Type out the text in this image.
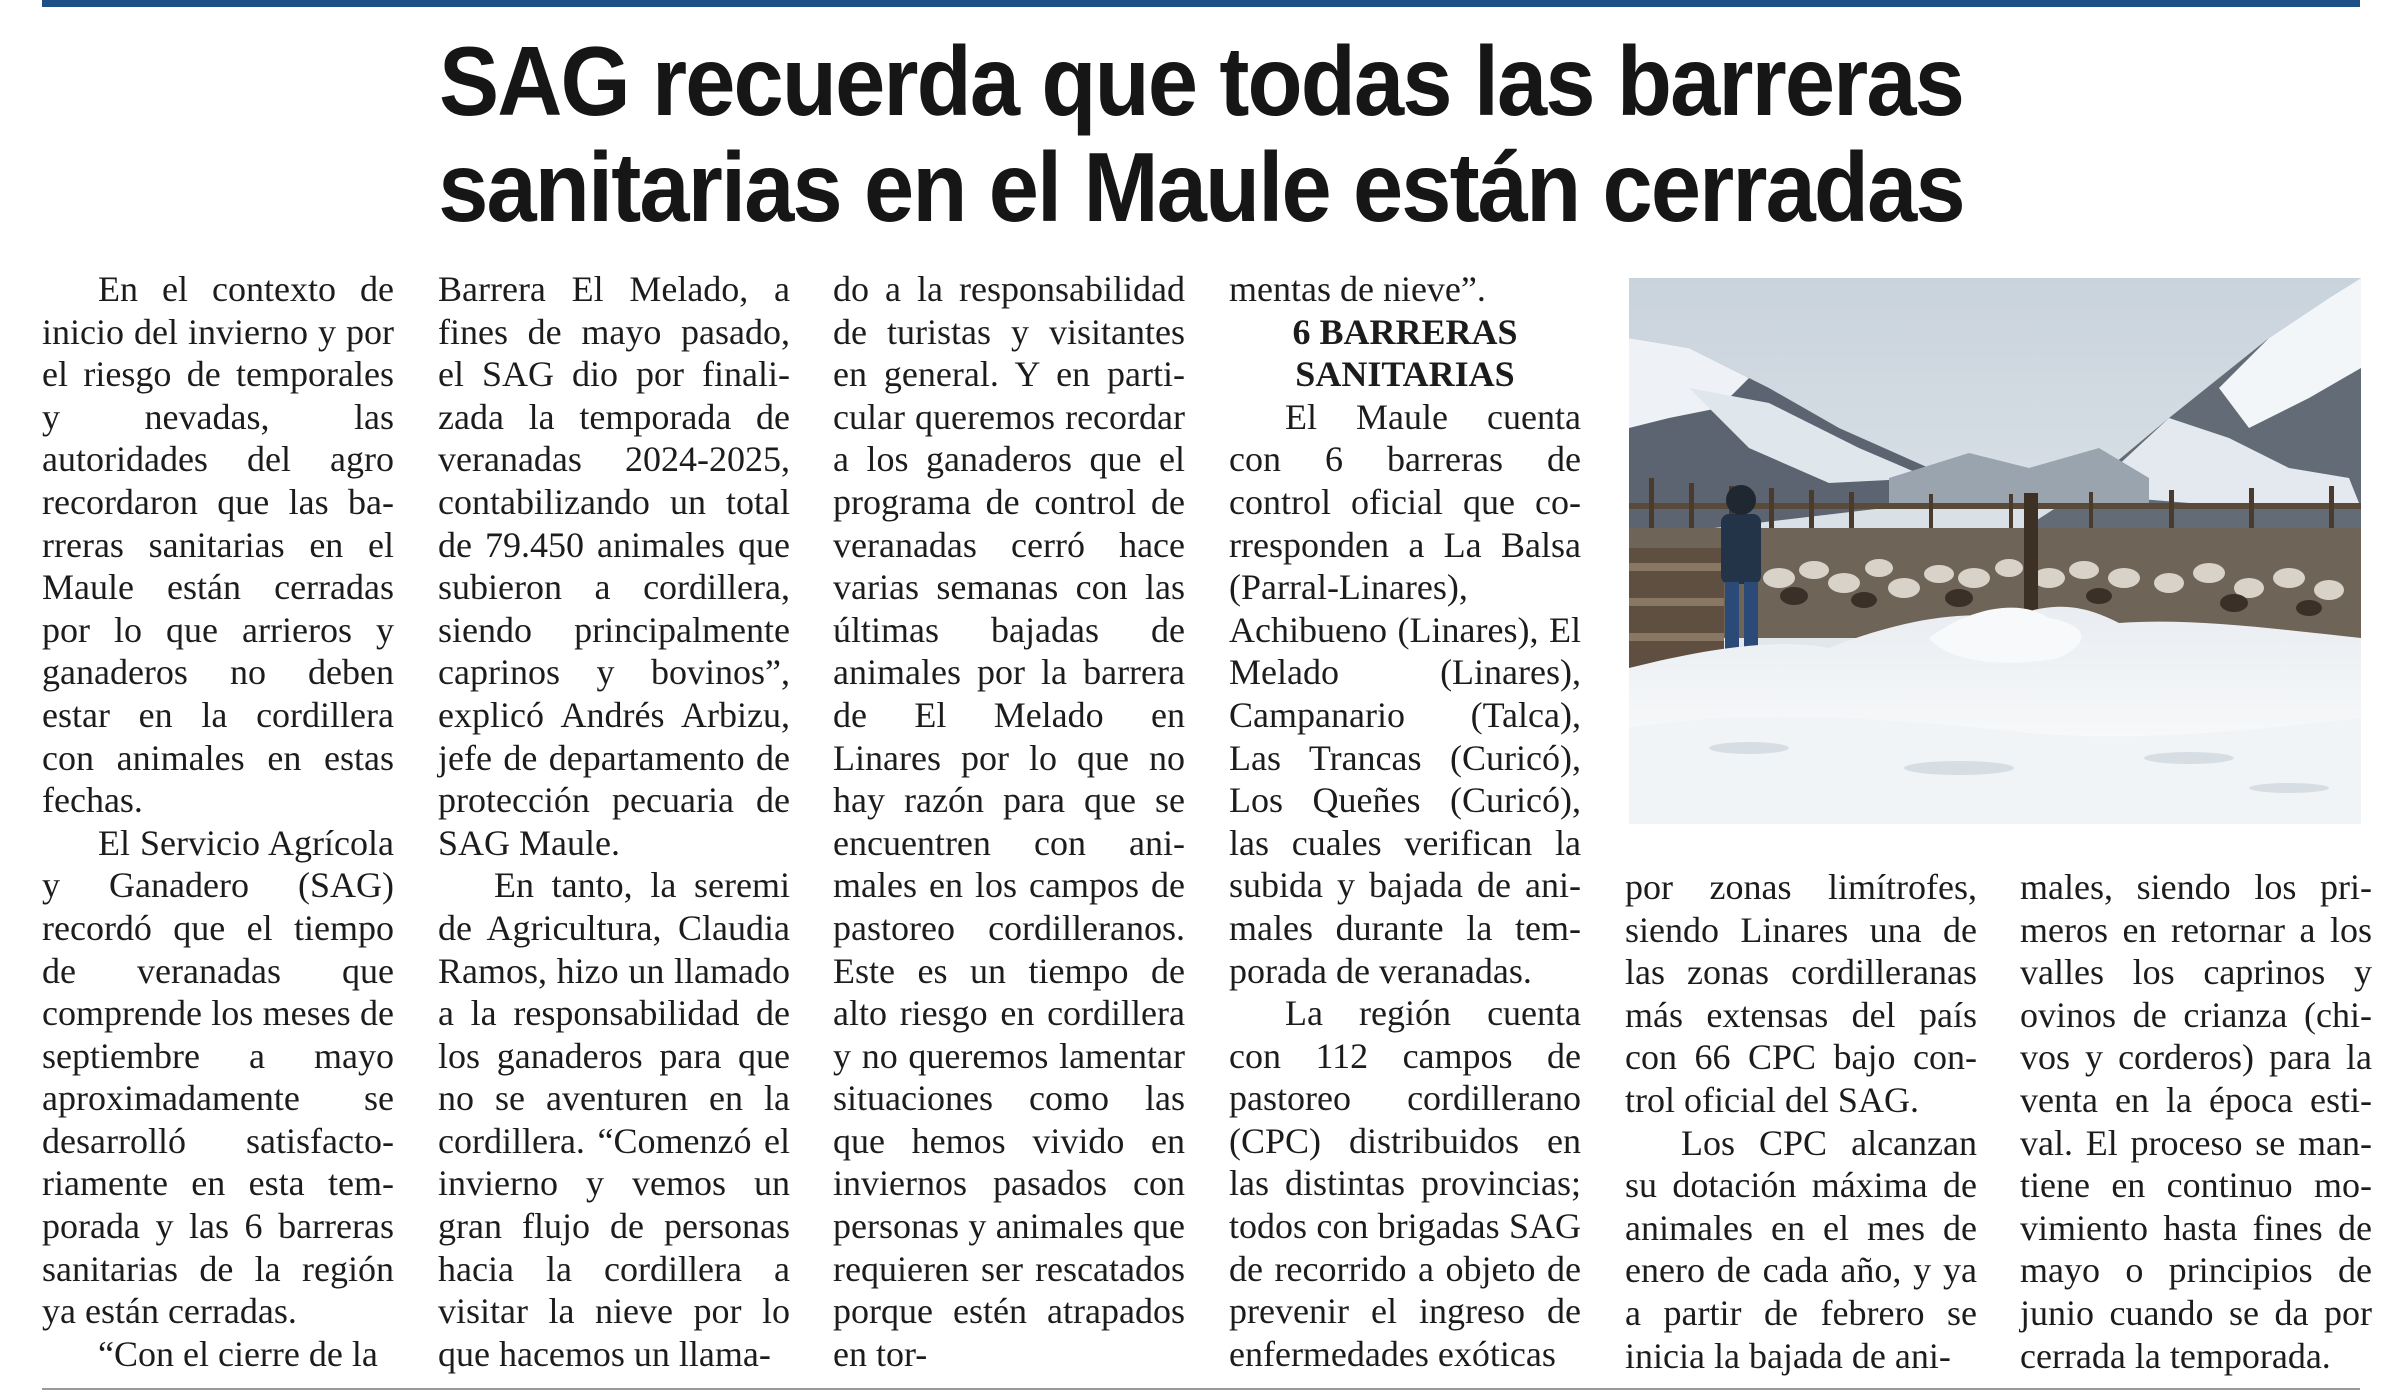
SAG recuerda que todas las barreras
sanitarias en el Maule están cerradas

En el contexto de inicio del invierno y por el riesgo de temporales y nevadas, las autoridades del agro recordaron que las barreras sanitarias en el Maule están cerradas por lo que arrieros y ganaderos no deben estar en la cordillera con animales en estas fechas.

El Servicio Agrícola y Ganadero (SAG) recordó que el tiempo de veranadas que comprende los meses de septiembre a mayo aproximadamente se desarrolló satisfactoriamente en esta temporada y las 6 barreras sanitarias de la región ya están cerradas.

“Con el cierre de la

Barrera El Melado, a fines de mayo pasado, el SAG dio por finalizada la temporada de veranadas 2024-2025, contabilizando un total de 79.450 animales que subieron a cordillera, siendo principalmente caprinos y bovinos”, explicó Andrés Arbizu, jefe de departamento de protección pecuaria de SAG Maule.

En tanto, la seremi de Agricultura, Claudia Ramos, hizo un llamado a la responsabilidad de los ganaderos para que no se aventuren en la cordillera. “Comenzó el invierno y vemos un gran flujo de personas hacia la cordillera a visitar la nieve por lo que hacemos un llama-

do a la responsabilidad de turistas y visitantes en general. Y en particular queremos recordar a los ganaderos que el programa de control de veranadas cerró hace varias semanas con las últimas bajadas de animales por la barrera de El Melado en Linares por lo que no hay razón para que se encuentren con animales en los campos de pastoreo cordilleranos. Este es un tiempo de alto riesgo en cordillera y no queremos lamentar situaciones como las que hemos vivido en inviernos pasados con personas y animales que requieren ser rescatados porque estén atrapados en tor-

mentas de nieve”.

6 BARRERAS SANITARIAS

El Maule cuenta con 6 barreras de control oficial que corresponden a La Balsa (Parral-Linares), Achibueno (Linares), El Melado (Linares), Campanario (Talca), Las Trancas (Curicó), Los Queñes (Curicó), las cuales verifican la subida y bajada de animales durante la temporada de veranadas.

La región cuenta con 112 campos de pastoreo cordillerano (CPC) distribuidos en las distintas provincias; todos con brigadas SAG de recorrido a objeto de prevenir el ingreso de enfermedades exóticas

por zonas limítrofes, siendo Linares una de las zonas cordilleranas más extensas del país con 66 CPC bajo control oficial del SAG.

Los CPC alcanzan su dotación máxima de animales en el mes de enero de cada año, y ya a partir de febrero se inicia la bajada de ani-

males, siendo los primeros en retornar a los valles los caprinos y ovinos de crianza (chivos y corderos) para la venta en la época estival. El proceso se mantiene en continuo movimiento hasta fines de mayo o principios de junio cuando se da por cerrada la temporada.
